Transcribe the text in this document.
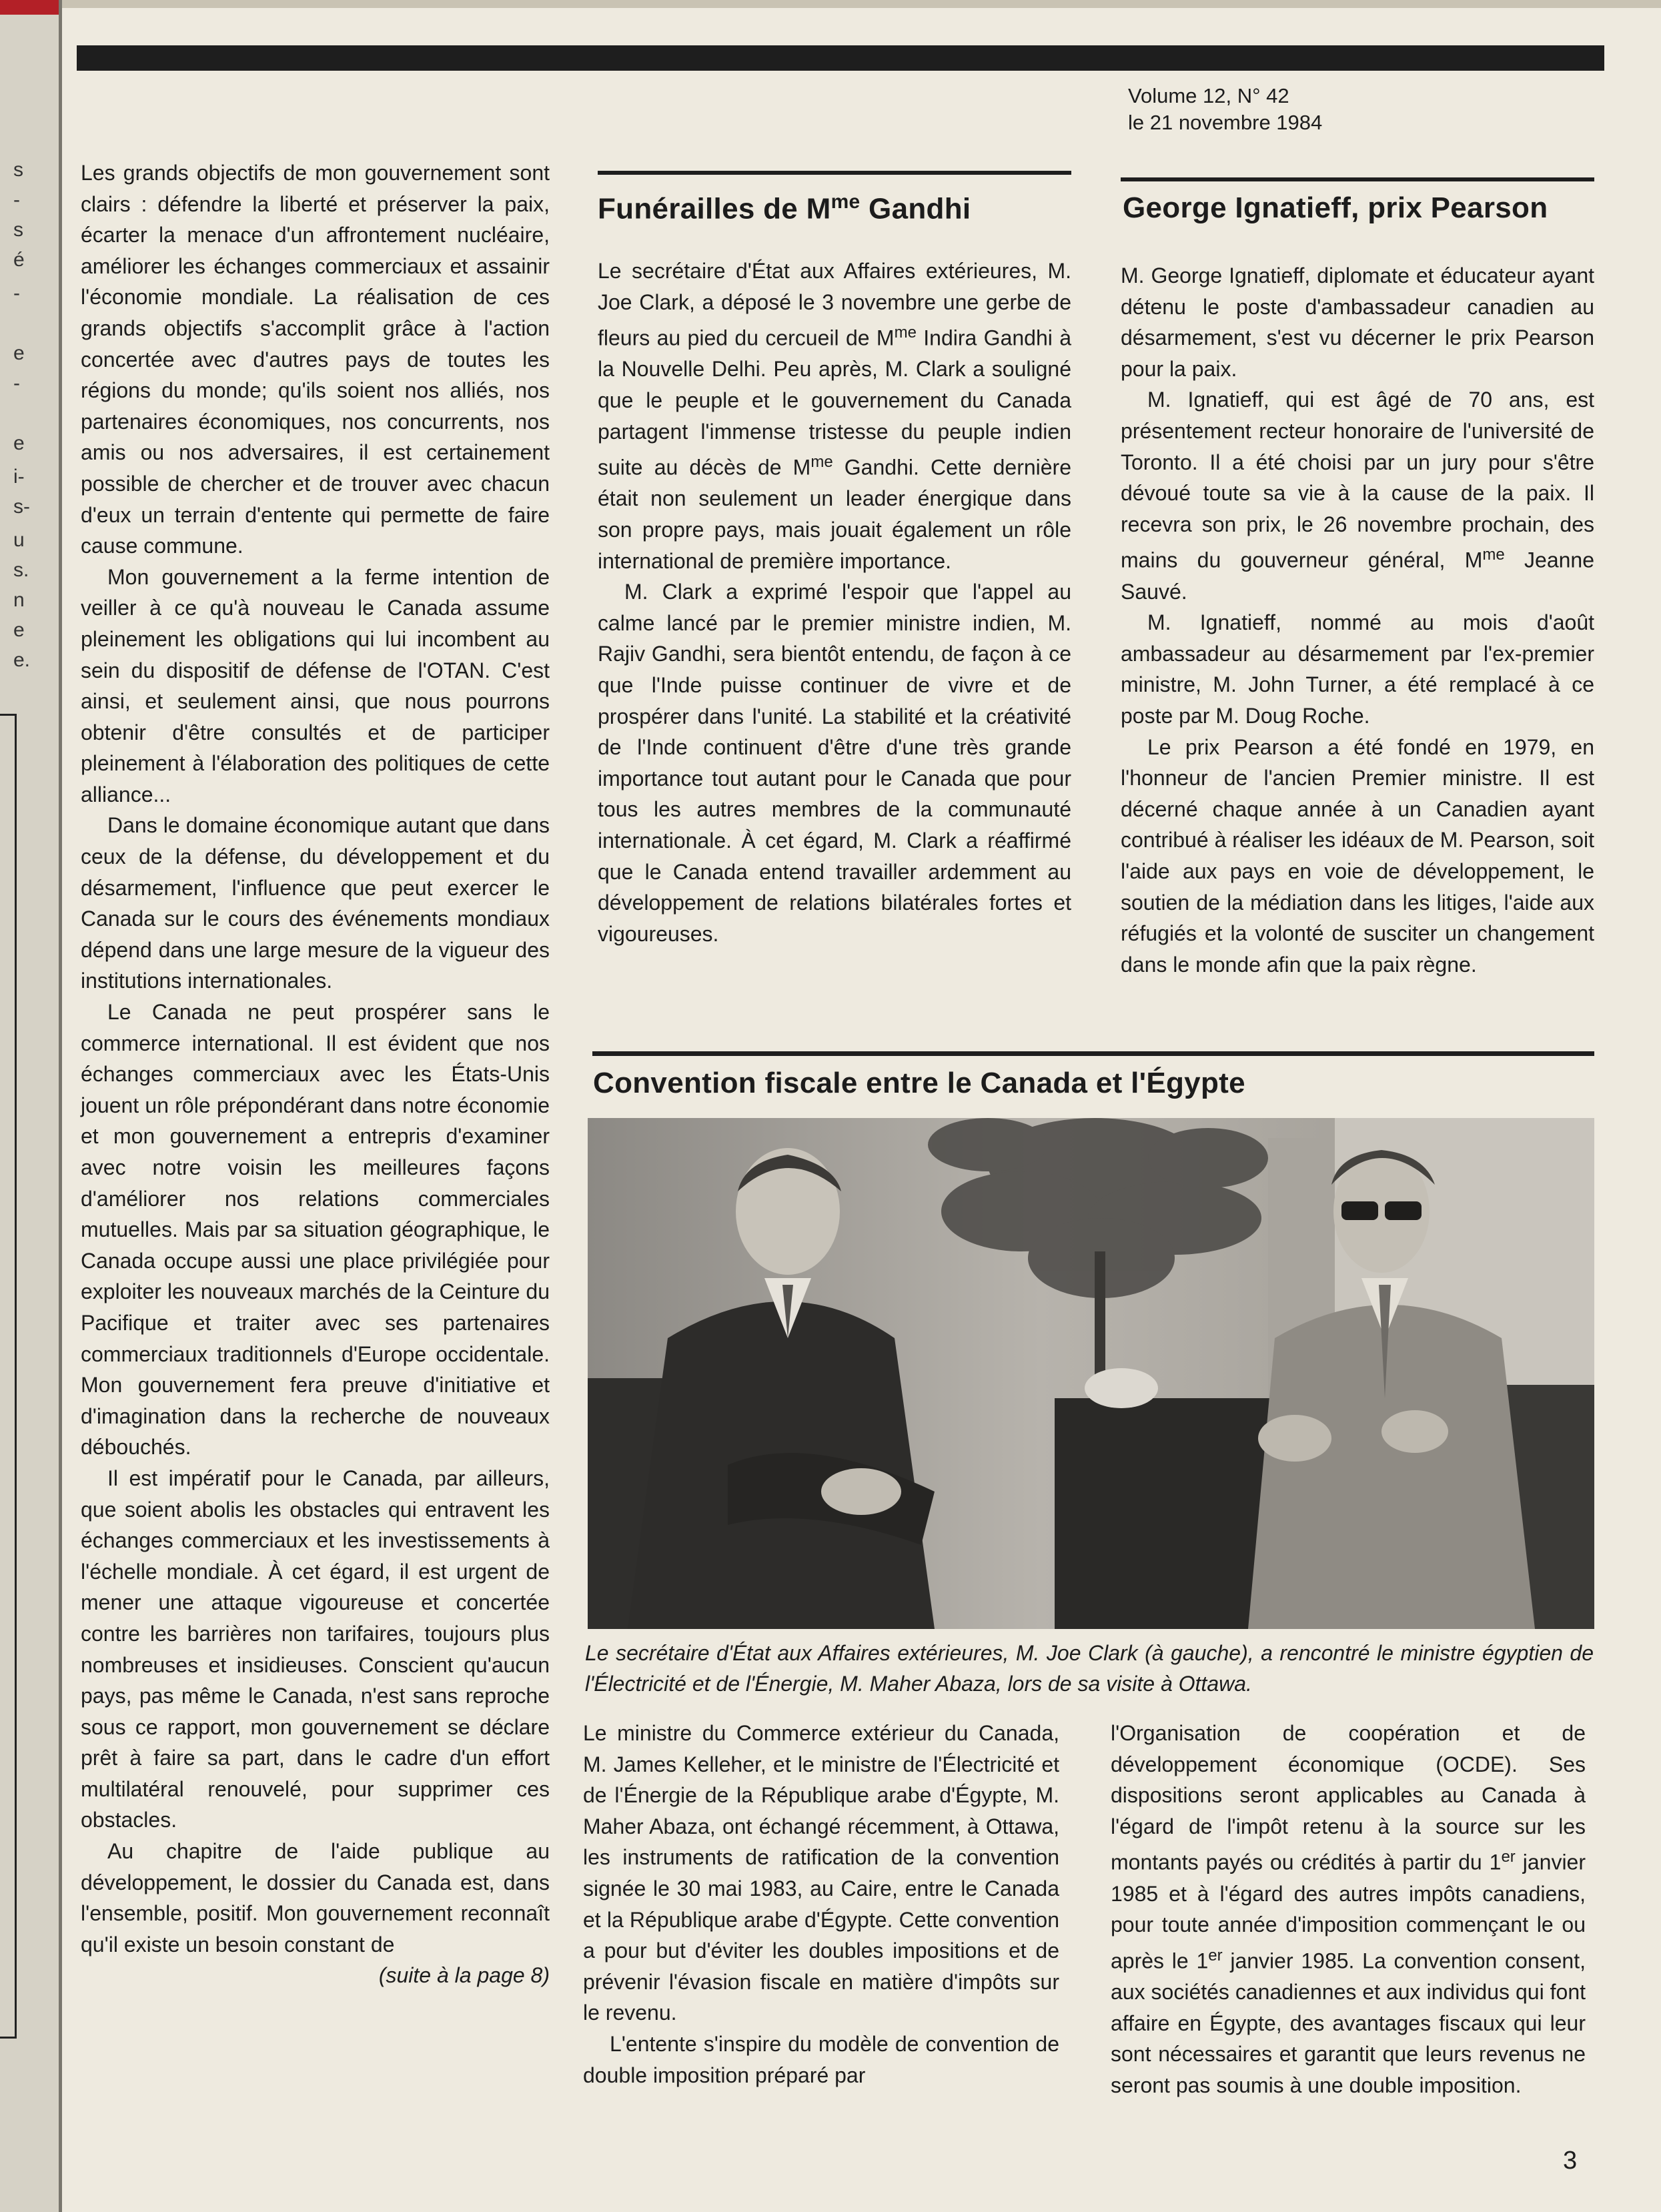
s
-
s
é
-
e
-
e
i-
s-
u
s.
n
e
e.
Volume 12, N° 42
le 21 novembre 1984

Les grands objectifs de mon gouvernement sont clairs : défendre la liberté et préserver la paix, écarter la menace d'un affrontement nucléaire, améliorer les échanges commerciaux et assainir l'économie mondiale. La réalisation de ces grands objectifs s'accomplit grâce à l'action concertée avec d'autres pays de toutes les régions du monde; qu'ils soient nos alliés, nos partenaires économiques, nos concurrents, nos amis ou nos adversaires, il est certainement possible de chercher et de trouver avec chacun d'eux un terrain d'entente qui permette de faire cause commune.

Mon gouvernement a la ferme intention de veiller à ce qu'à nouveau le Canada assume pleinement les obligations qui lui incombent au sein du dispositif de défense de l'OTAN. C'est ainsi, et seulement ainsi, que nous pourrons obtenir d'être consultés et de participer pleinement à l'élaboration des politiques de cette alliance...

Dans le domaine économique autant que dans ceux de la défense, du développement et du désarmement, l'influence que peut exercer le Canada sur le cours des événements mondiaux dépend dans une large mesure de la vigueur des institutions internationales.

Le Canada ne peut prospérer sans le commerce international. Il est évident que nos échanges commerciaux avec les États-Unis jouent un rôle prépondérant dans notre économie et mon gouvernement a entrepris d'examiner avec notre voisin les meilleures façons d'améliorer nos relations commerciales mutuelles. Mais par sa situation géographique, le Canada occupe aussi une place privilégiée pour exploiter les nouveaux marchés de la Ceinture du Pacifique et traiter avec ses partenaires commerciaux traditionnels d'Europe occidentale. Mon gouvernement fera preuve d'initiative et d'imagination dans la recherche de nouveaux débouchés.

Il est impératif pour le Canada, par ailleurs, que soient abolis les obstacles qui entravent les échanges commerciaux et les investissements à l'échelle mondiale. À cet égard, il est urgent de mener une attaque vigoureuse et concertée contre les barrières non tarifaires, toujours plus nombreuses et insidieuses. Conscient qu'aucun pays, pas même le Canada, n'est sans reproche sous ce rapport, mon gouvernement se déclare prêt à faire sa part, dans le cadre d'un effort multilatéral renouvelé, pour supprimer ces obstacles.

Au chapitre de l'aide publique au développement, le dossier du Canada est, dans l'ensemble, positif. Mon gouvernement reconnaît qu'il existe un besoin constant de

(suite à la page 8)

Funérailles de $M^{me}$ Gandhi

Le secrétaire d'État aux Affaires extérieures, M. Joe Clark, a déposé le 3 novembre une gerbe de fleurs au pied du cercueil de $M^{me}$ Indira Gandhi à la Nouvelle Delhi. Peu après, M. Clark a souligné que le peuple et le gouvernement du Canada partagent l'immense tristesse du peuple indien suite au décès de $M^{me}$ Gandhi. Cette dernière était non seulement un leader énergique dans son propre pays, mais jouait également un rôle international de première importance.

M. Clark a exprimé l'espoir que l'appel au calme lancé par le premier ministre indien, M. Rajiv Gandhi, sera bientôt entendu, de façon à ce que l'Inde puisse continuer de vivre et de prospérer dans l'unité. La stabilité et la créativité de l'Inde continuent d'être d'une très grande importance tout autant pour le Canada que pour tous les autres membres de la communauté internationale. À cet égard, M. Clark a réaffirmé que le Canada entend travailler ardemment au développement de relations bilatérales fortes et vigoureuses.

George Ignatieff, prix Pearson

M. George Ignatieff, diplomate et éducateur ayant détenu le poste d'ambassadeur canadien au désarmement, s'est vu décerner le prix Pearson pour la paix.

M. Ignatieff, qui est âgé de 70 ans, est présentement recteur honoraire de l'université de Toronto. Il a été choisi par un jury pour s'être dévoué toute sa vie à la cause de la paix. Il recevra son prix, le 26 novembre prochain, des mains du gouverneur général, $M^{me}$ Jeanne Sauvé.

M. Ignatieff, nommé au mois d'août ambassadeur au désarmement par l'ex-premier ministre, M. John Turner, a été remplacé à ce poste par M. Doug Roche.

Le prix Pearson a été fondé en 1979, en l'honneur de l'ancien Premier ministre. Il est décerné chaque année à un Canadien ayant contribué à réaliser les idéaux de M. Pearson, soit l'aide aux pays en voie de développement, le soutien de la médiation dans les litiges, l'aide aux réfugiés et la volonté de susciter un changement dans le monde afin que la paix règne.

Convention fiscale entre le Canada et l'Égypte
Le secrétaire d'État aux Affaires extérieures, M. Joe Clark (à gauche), a rencontré le ministre égyptien de l'Électricité et de l'Énergie, M. Maher Abaza, lors de sa visite à Ottawa.

Le ministre du Commerce extérieur du Canada, M. James Kelleher, et le ministre de l'Électricité et de l'Énergie de la République arabe d'Égypte, M. Maher Abaza, ont échangé récemment, à Ottawa, les instruments de ratification de la convention signée le 30 mai 1983, au Caire, entre le Canada et la République arabe d'Égypte. Cette convention a pour but d'éviter les doubles impositions et de prévenir l'évasion fiscale en matière d'impôts sur le revenu.

L'entente s'inspire du modèle de convention de double imposition préparé par

l'Organisation de coopération et de développement économique (OCDE). Ses dispositions seront applicables au Canada à l'égard de l'impôt retenu à la source sur les montants payés ou crédités à partir du 1er janvier 1985 et à l'égard des autres impôts canadiens, pour toute année d'imposition commençant le ou après le 1er janvier 1985. La convention consent, aux sociétés canadiennes et aux individus qui font affaire en Égypte, des avantages fiscaux qui leur sont nécessaires et garantit que leurs revenus ne seront pas soumis à une double imposition.

3
